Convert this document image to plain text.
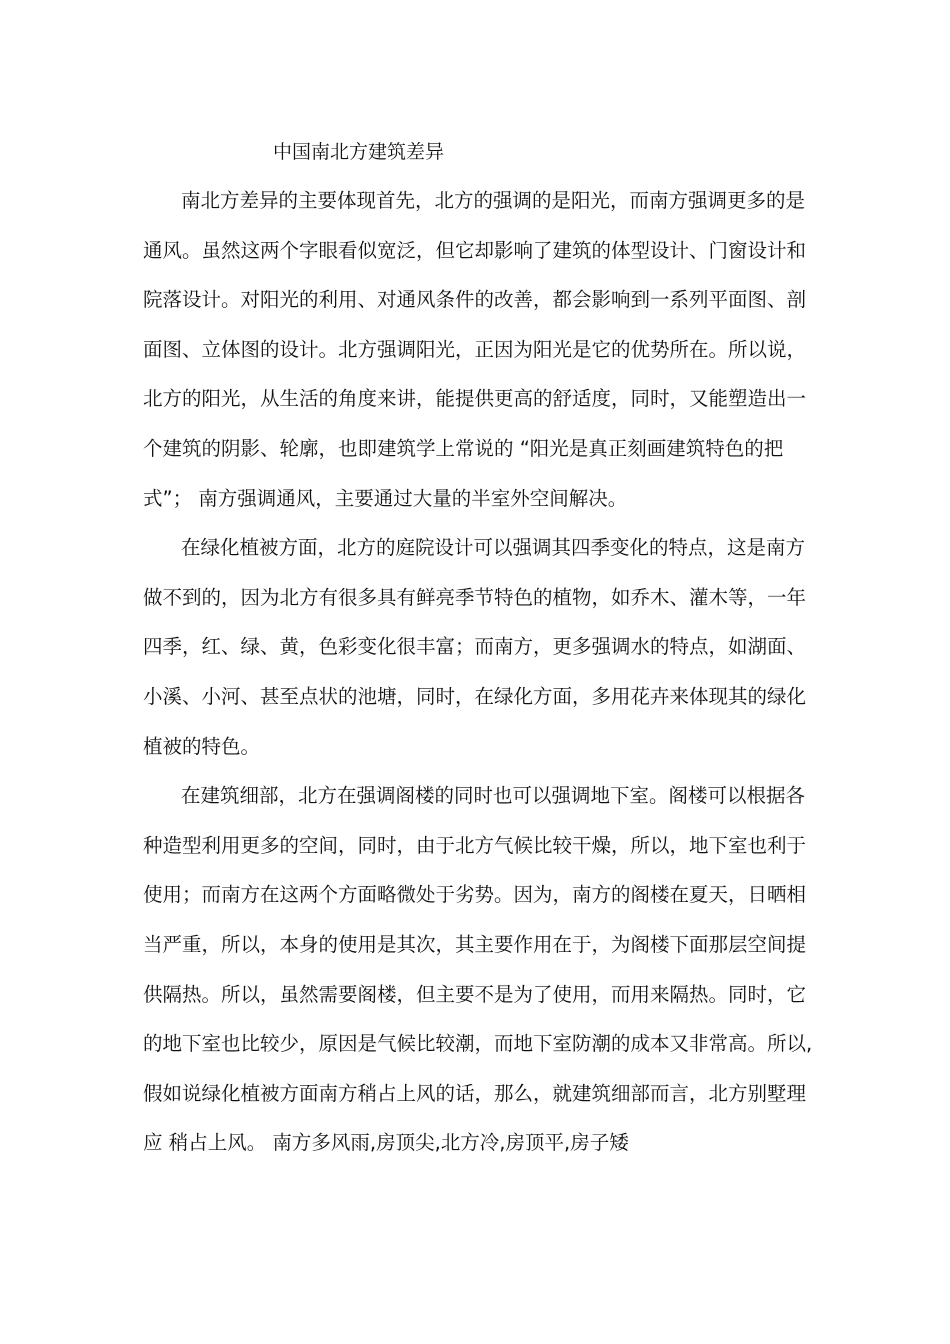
中国南北方建筑差异
南北方差异的主要体现首先，北方的强调的是阳光，而南方强调更多的是
通风。虽然这两个字眼看似宽泛，但它却影响了建筑的体型设计、门窗设计和
院落设计。对阳光的利用、对通风条件的改善，都会影响到一系列平面图、剖
面图、立体图的设计。北方强调阳光，正因为阳光是它的优势所在。所以说，
北方的阳光，从生活的角度来讲，能提供更高的舒适度，同时，又能塑造出一
个建筑的阴影、轮廓，也即建筑学上常说的 “阳光是真正刻画建筑特色的把
式”； 南方强调通风，主要通过大量的半室外空间解决。
在绿化植被方面，北方的庭院设计可以强调其四季变化的特点，这是南方
做不到的，因为北方有很多具有鲜亮季节特色的植物，如乔木、灌木等，一年
四季，红、绿、黄，色彩变化很丰富；而南方，更多强调水的特点，如湖面、
小溪、小河、甚至点状的池塘，同时，在绿化方面，多用花卉来体现其的绿化
植被的特色。
在建筑细部，北方在强调阁楼的同时也可以强调地下室。阁楼可以根据各
种造型利用更多的空间，同时，由于北方气候比较干燥，所以，地下室也利于
使用；而南方在这两个方面略微处于劣势。因为，南方的阁楼在夏天，日晒相
当严重，所以，本身的使用是其次，其主要作用在于，为阁楼下面那层空间提
供隔热。所以，虽然需要阁楼，但主要不是为了使用，而用来隔热。同时，它
的地下室也比较少，原因是气候比较潮，而地下室防潮的成本又非常高。所以,
假如说绿化植被方面南方稍占上风的话，那么，就建筑细部而言，北方别墅理
应 稍占上风。 南方多风雨,房顶尖,北方冷,房顶平,房子矮
